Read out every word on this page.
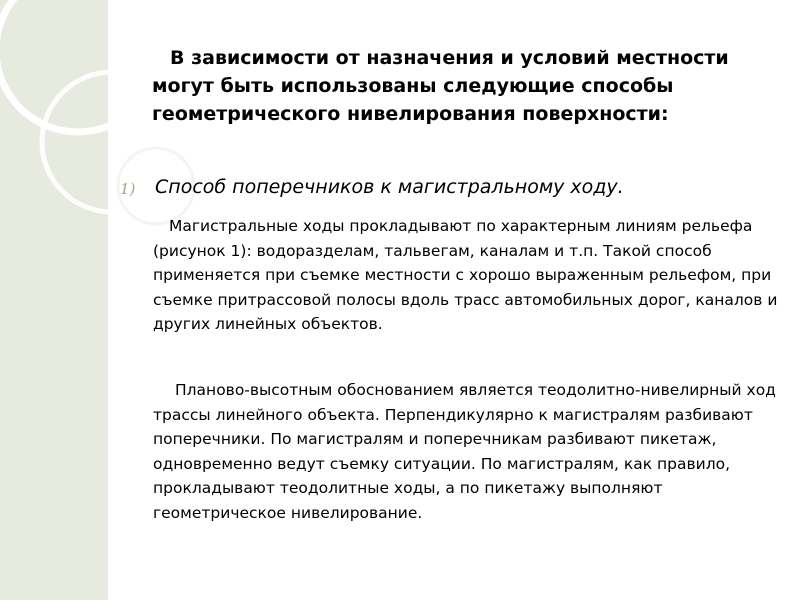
В зависимости от назначения и условий местности могут быть использованы следующие способы геометрического нивелирования поверхности:

1) Способ поперечников к магистральному ходу.

Магистральные ходы прокладывают по характерным линиям рельефа (рисунок 1): водоразделам, тальвегам, каналам и т.п. Такой способ применяется при съемке местности с хорошо выраженным рельефом, при съемке притрассовой полосы вдоль трасс автомобильных дорог, каналов и других линейных объектов.

Планово-высотным обоснованием является теодолитно-нивелирный ход трассы линейного объекта. Перпендикулярно к магистралям разбивают поперечники. По магистралям и поперечникам разбивают пикетаж, одновременно ведут съемку ситуации. По магистралям, как правило, прокладывают теодолитные ходы, а по пикетажу выполняют геометрическое нивелирование.
